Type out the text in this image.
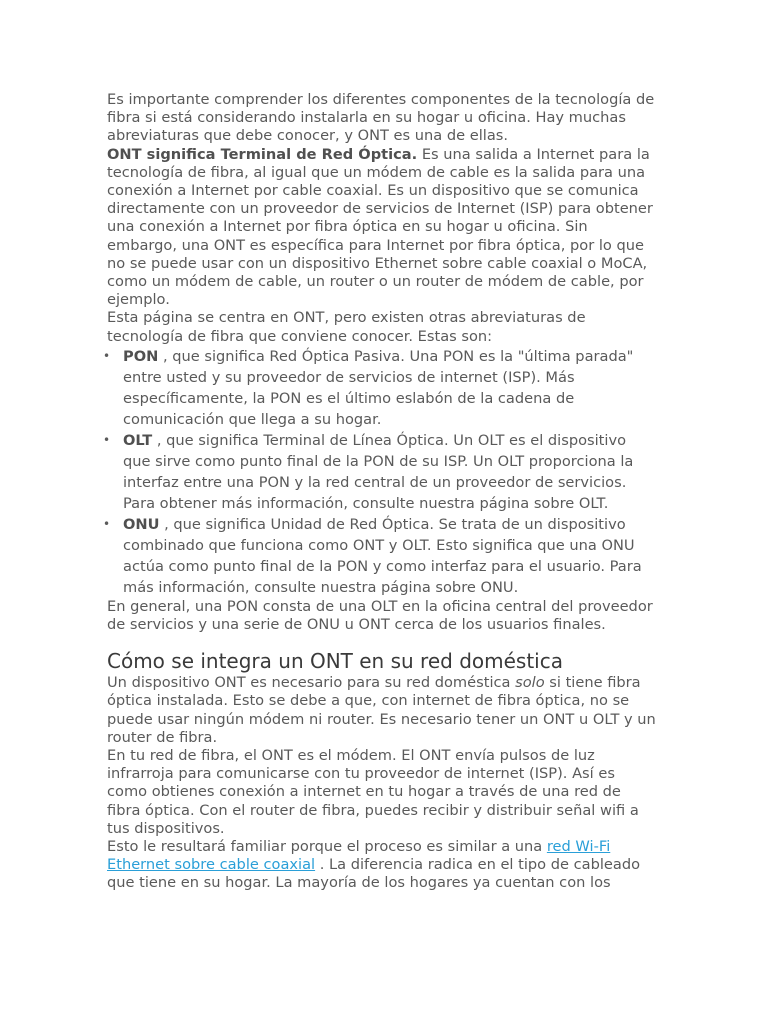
Es importante comprender los diferentes componentes de la tecnología de fibra si está considerando instalarla en su hogar u oficina. Hay muchas abreviaturas que debe conocer, y ONT es una de ellas.

ONT significa Terminal de Red Óptica. Es una salida a Internet para la tecnología de fibra, al igual que un módem de cable es la salida para una conexión a Internet por cable coaxial. Es un dispositivo que se comunica directamente con un proveedor de servicios de Internet (ISP) para obtener una conexión a Internet por fibra óptica en su hogar u oficina. Sin embargo, una ONT es específica para Internet por fibra óptica, por lo que no se puede usar con un dispositivo Ethernet sobre cable coaxial o MoCA, como un módem de cable, un router o un router de módem de cable, por ejemplo.

Esta página se centra en ONT, pero existen otras abreviaturas de tecnología de fibra que conviene conocer. Estas son:

• PON , que significa Red Óptica Pasiva. Una PON es la "última parada" entre usted y su proveedor de servicios de internet (ISP). Más específicamente, la PON es el último eslabón de la cadena de comunicación que llega a su hogar.
• OLT , que significa Terminal de Línea Óptica. Un OLT es el dispositivo que sirve como punto final de la PON de su ISP. Un OLT proporciona la interfaz entre una PON y la red central de un proveedor de servicios. Para obtener más información, consulte nuestra página sobre OLT.
• ONU , que significa Unidad de Red Óptica. Se trata de un dispositivo combinado que funciona como ONT y OLT. Esto significa que una ONU actúa como punto final de la PON y como interfaz para el usuario. Para más información, consulte nuestra página sobre ONU.

En general, una PON consta de una OLT en la oficina central del proveedor de servicios y una serie de ONU u ONT cerca de los usuarios finales.

Cómo se integra un ONT en su red doméstica

Un dispositivo ONT es necesario para su red doméstica solo si tiene fibra óptica instalada. Esto se debe a que, con internet de fibra óptica, no se puede usar ningún módem ni router. Es necesario tener un ONT u OLT y un router de fibra.

En tu red de fibra, el ONT es el módem. El ONT envía pulsos de luz infrarroja para comunicarse con tu proveedor de internet (ISP). Así es como obtienes conexión a internet en tu hogar a través de una red de fibra óptica. Con el router de fibra, puedes recibir y distribuir señal wifi a tus dispositivos.

Esto le resultará familiar porque el proceso es similar a una red Wi-Fi Ethernet sobre cable coaxial . La diferencia radica en el tipo de cableado que tiene en su hogar. La mayoría de los hogares ya cuentan con los
